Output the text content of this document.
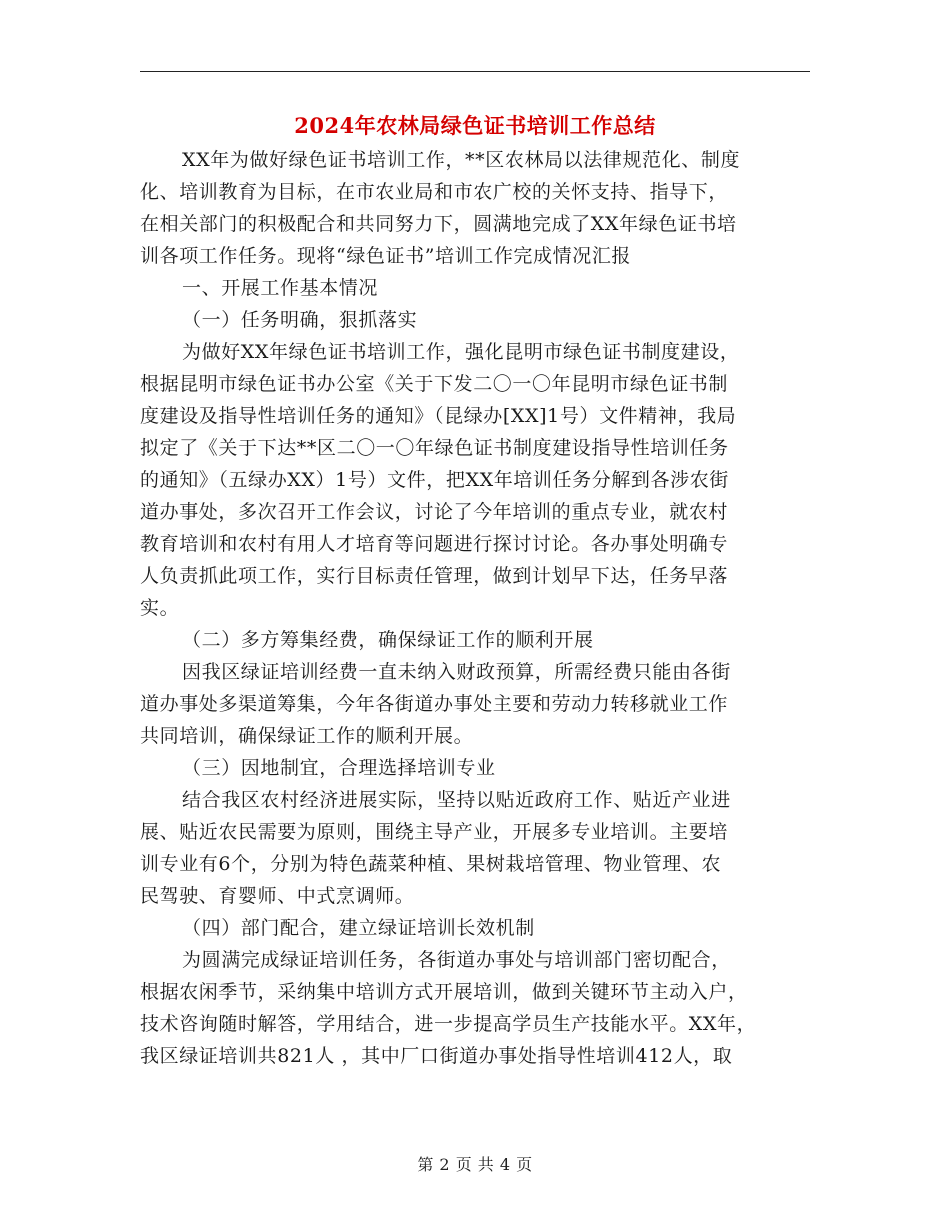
2024年农林局绿色证书培训工作总结
XX年为做好绿色证书培训工作，**区农林局以法律规范化、制度
化、培训教育为目标，在市农业局和市农广校的关怀支持、指导下，
在相关部门的积极配合和共同努力下，圆满地完成了XX年绿色证书培
训各项工作任务。现将“绿色证书”培训工作完成情况汇报
一、开展工作基本情况
（一）任务明确，狠抓落实
为做好XX年绿色证书培训工作，强化昆明市绿色证书制度建设，
根据昆明市绿色证书办公室《关于下发二〇一〇年昆明市绿色证书制
度建设及指导性培训任务的通知》（昆绿办[XX]1号）文件精神，我局
拟定了《关于下达**区二〇一〇年绿色证书制度建设指导性培训任务
的通知》（五绿办XX）1号）文件，把XX年培训任务分解到各涉农街
道办事处，多次召开工作会议，讨论了今年培训的重点专业，就农村
教育培训和农村有用人才培育等问题进行探讨讨论。各办事处明确专
人负责抓此项工作，实行目标责任管理，做到计划早下达，任务早落
实。
（二）多方筹集经费，确保绿证工作的顺利开展
因我区绿证培训经费一直未纳入财政预算，所需经费只能由各街
道办事处多渠道筹集，今年各街道办事处主要和劳动力转移就业工作
共同培训，确保绿证工作的顺利开展。
（三）因地制宜，合理选择培训专业
结合我区农村经济进展实际，坚持以贴近政府工作、贴近产业进
展、贴近农民需要为原则，围绕主导产业，开展多专业培训。主要培
训专业有6个，分别为特色蔬菜种植、果树栽培管理、物业管理、农
民驾驶、育婴师、中式烹调师。
（四）部门配合，建立绿证培训长效机制
为圆满完成绿证培训任务，各街道办事处与培训部门密切配合，
根据农闲季节，采纳集中培训方式开展培训，做到关键环节主动入户，
技术咨询随时解答，学用结合，进一步提高学员生产技能水平。XX年，
我区绿证培训共821人 ，其中厂口街道办事处指导性培训412人，取
第 2 页 共 4 页
